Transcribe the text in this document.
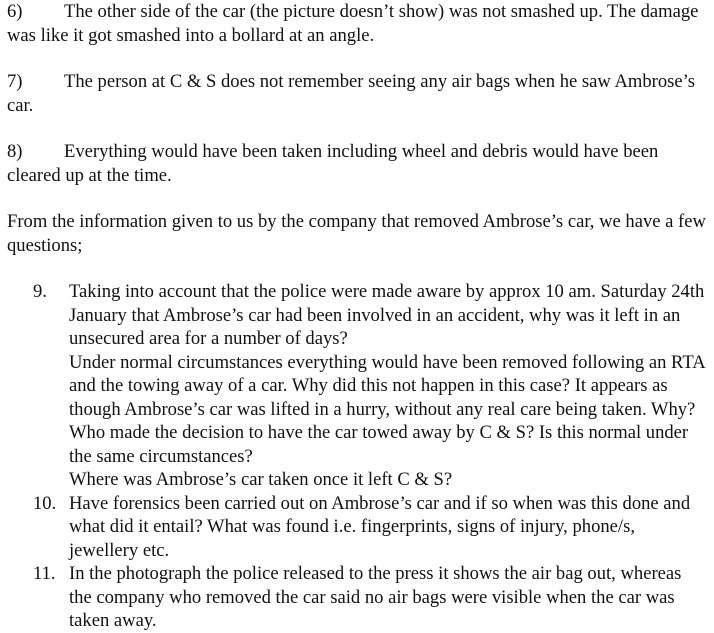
6) The other side of the car (the picture doesn’t show) was not smashed up. The damage was like it got smashed into a bollard at an angle.

7) The person at C & S does not remember seeing any air bags when he saw Ambrose’s car.

8) Everything would have been taken including wheel and debris would have been cleared up at the time.

From the information given to us by the company that removed Ambrose’s car, we have a few questions;

9.	Taking into account that the police were made aware by approx 10 am. Saturday 24th January that Ambrose’s car had been involved in an accident, why was it left in an unsecured area for a number of days?

Under normal circumstances everything would have been removed following an RTA and the towing away of a car. Why did this not happen in this case? It appears as though Ambrose’s car was lifted in a hurry, without any real care being taken. Why? Who made the decision to have the car towed away by C & S? Is this normal under the same circumstances?

Where was Ambrose’s car taken once it left C & S?

10. Have forensics been carried out on Ambrose’s car and if so when was this done and what did it entail? What was found i.e. fingerprints, signs of injury, phone/s, jewellery etc.

11. In the photograph the police released to the press it shows the air bag out, whereas the company who removed the car said no air bags were visible when the car was taken away.
